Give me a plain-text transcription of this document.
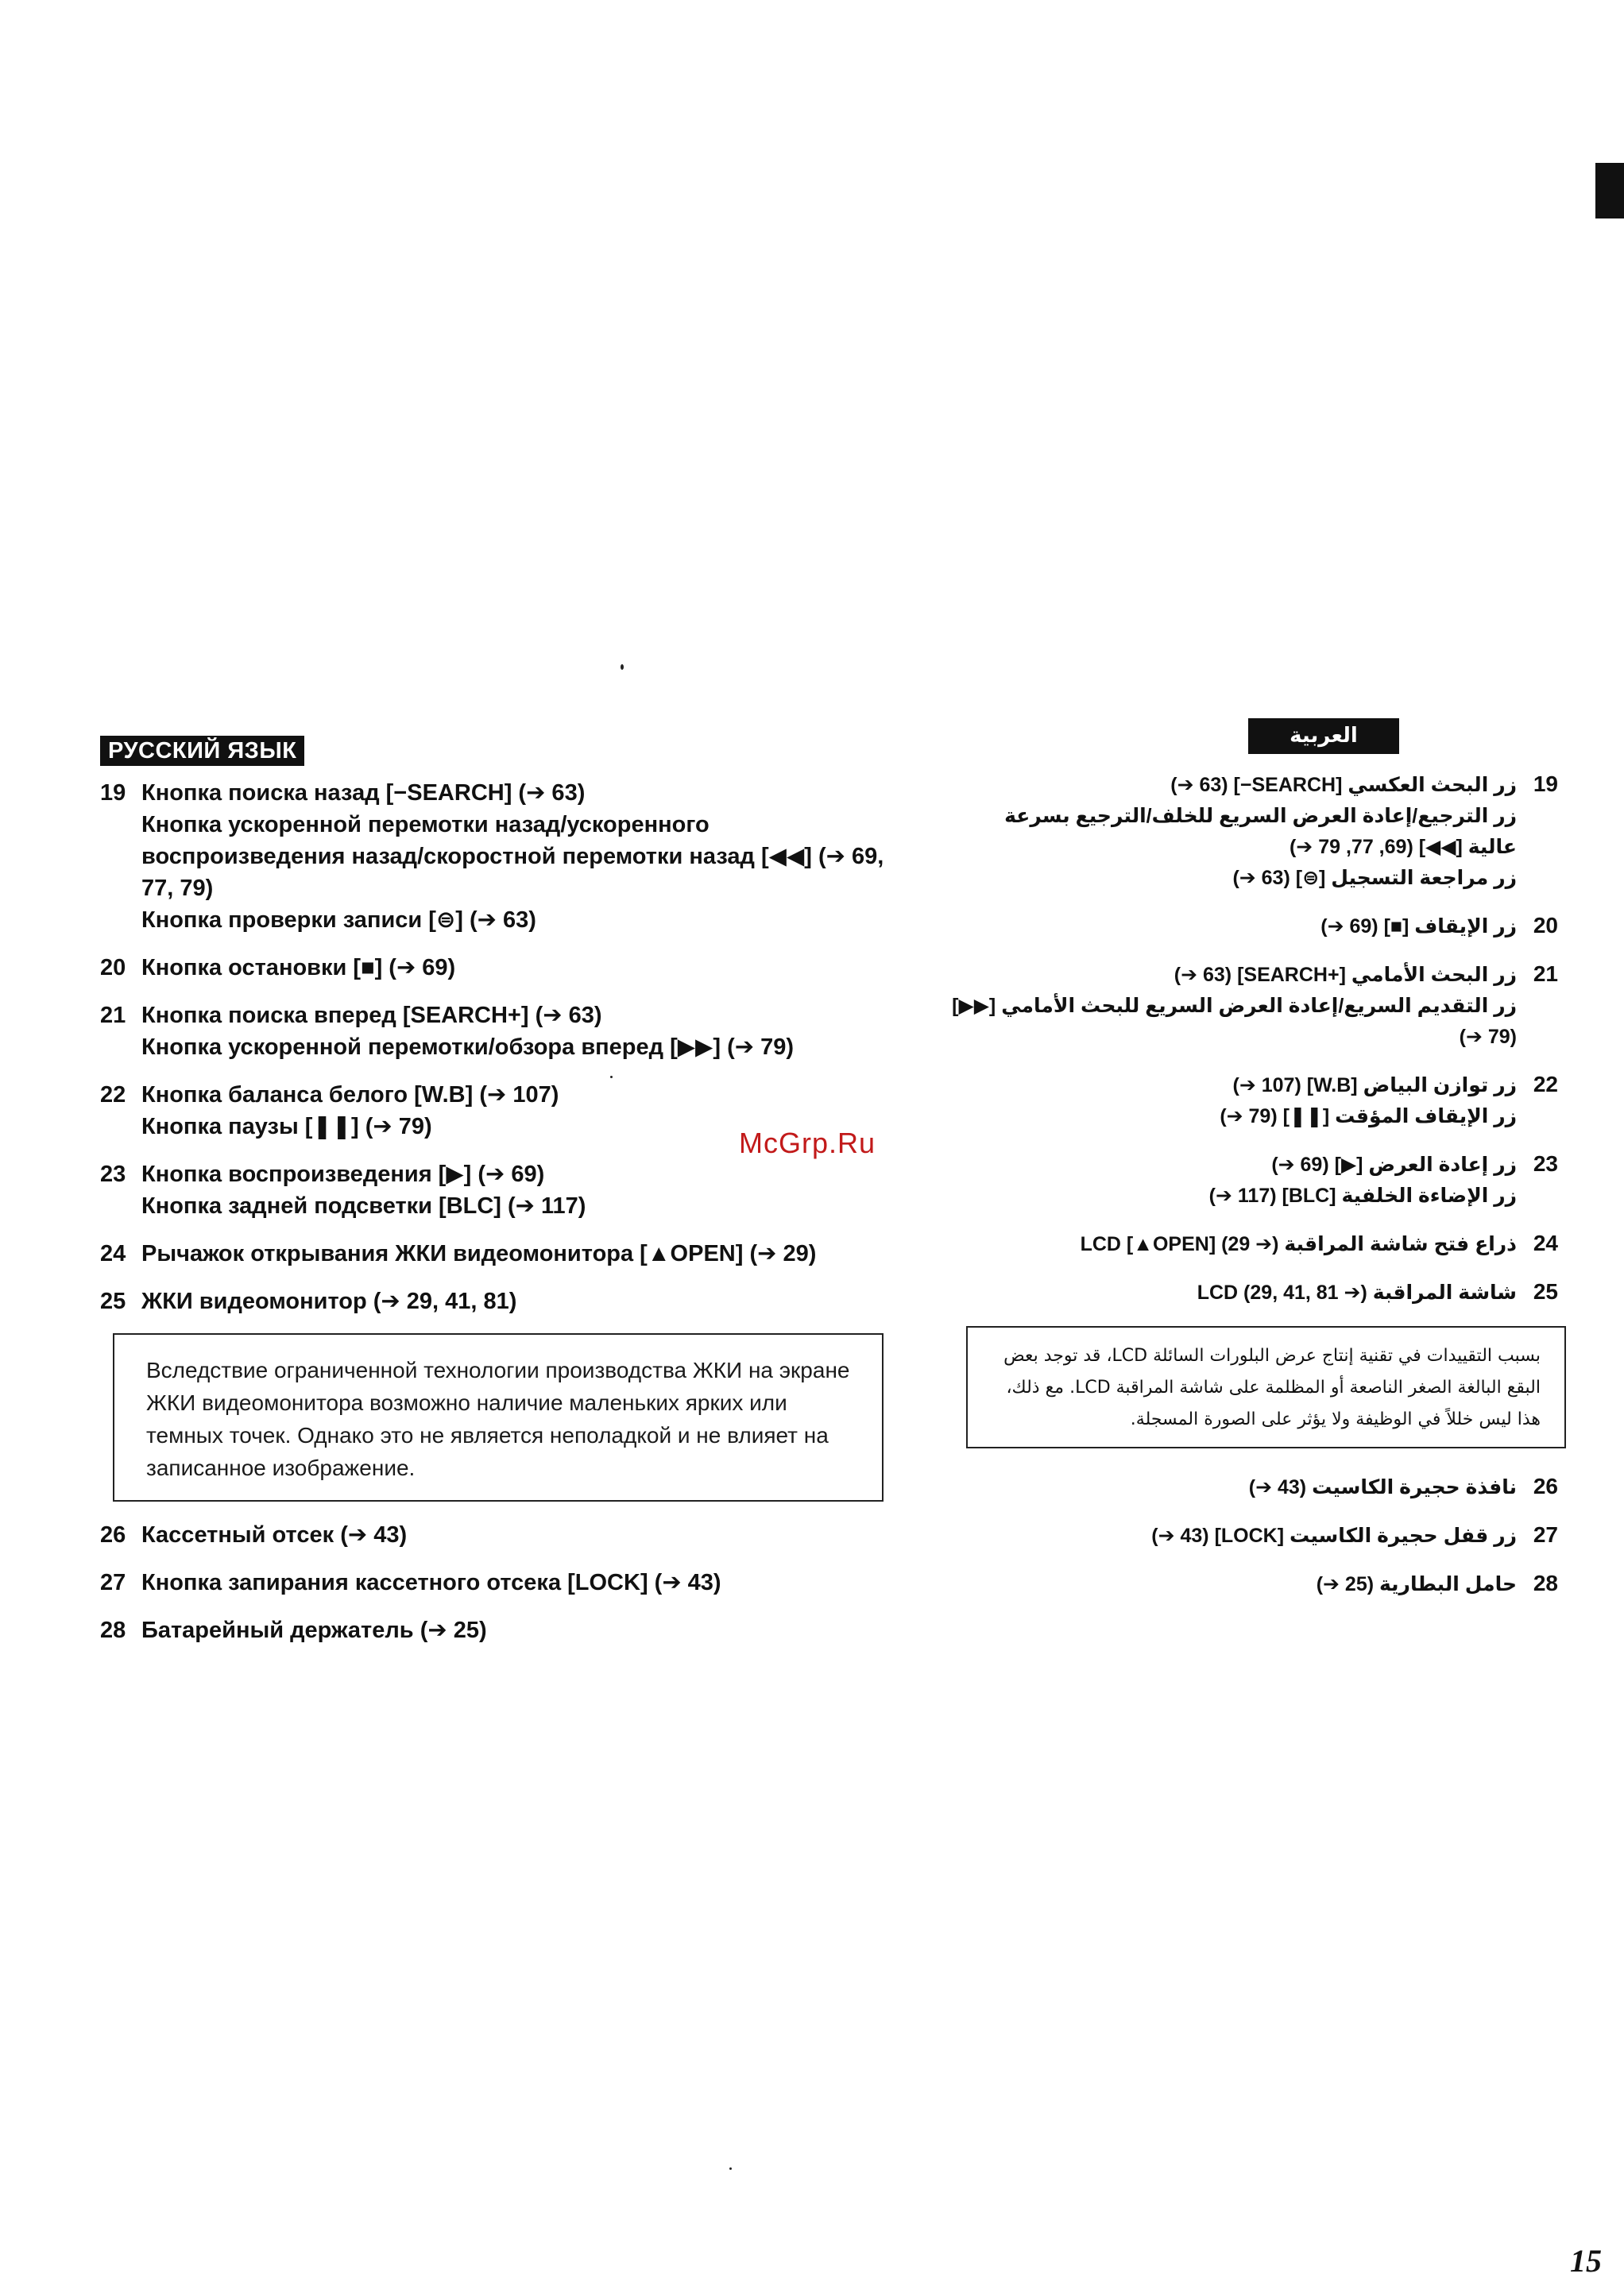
McGrp.Ru
РУССКИЙ ЯЗЫК
19 Кнопка поиска назад [−SEARCH] (➔ 63)
Кнопка ускоренной перемотки назад/ускоренного воспроизведения назад/скоростной перемотки назад [◀◀] (➔ 69, 77, 79)
Кнопка проверки записи [⊜] (➔ 63)
20 Кнопка остановки [■] (➔ 69)
21 Кнопка поиска вперед [SEARCH+] (➔ 63)
Кнопка ускоренной перемотки/обзора вперед [▶▶] (➔ 79)
22 Кнопка баланса белого [W.B] (➔ 107)
Кнопка паузы [❚❚] (➔ 79)
23 Кнопка воспроизведения [▶] (➔ 69)
Кнопка задней подсветки [BLC] (➔ 117)
24 Рычажок открывания ЖКИ видеомонитора [▲OPEN] (➔ 29)
25 ЖКИ видеомонитор (➔ 29, 41, 81)
Вследствие ограниченной технологии производства ЖКИ на экране ЖКИ видеомонитора возможно наличие маленьких ярких или темных точек. Однако это не является неполадкой и не влияет на записанное изображение.
26 Кассетный отсек (➔ 43)
27 Кнопка запирания кассетного отсека [LOCK] (➔ 43)
28 Батарейный держатель (➔ 25)
العربية
19
زر البحث العكسي [SEARCH−] (63 ➔)
زر الترجيع/إعادة العرض السريع للخلف/الترجيع بسرعة عالية [◀◀] (69, 77, 79 ➔)
زر مراجعة التسجيل [⊜] (63 ➔)
20
زر الإيقاف [■] (69 ➔)
21
زر البحث الأمامي [+SEARCH] (63 ➔)
زر التقديم السريع/إعادة العرض السريع للبحث الأمامي [▶▶] (79 ➔)
22
زر توازن البياض [W.B] (107 ➔)
زر الإيقاف المؤقت [❚❚] (79 ➔)
23
زر إعادة العرض [▶] (69 ➔)
زر الإضاءة الخلفية [BLC] (117 ➔)
24
ذراع فتح شاشة المراقبة LCD [▲OPEN] (29 ➔)
25
شاشة المراقبة LCD (29, 41, 81 ➔)
بسبب التقييدات في تقنية إنتاج عرض البلورات السائلة LCD، قد توجد بعض البقع البالغة الصغر الناصعة أو المظلمة على شاشة المراقبة LCD. مع ذلك، هذا ليس خللاً في الوظيفة ولا يؤثر على الصورة المسجلة.
26
نافذة حجيرة الكاسيت (43 ➔)
27
زر قفل حجيرة الكاسيت [LOCK] (43 ➔)
28
حامل البطارية (25 ➔)
15
